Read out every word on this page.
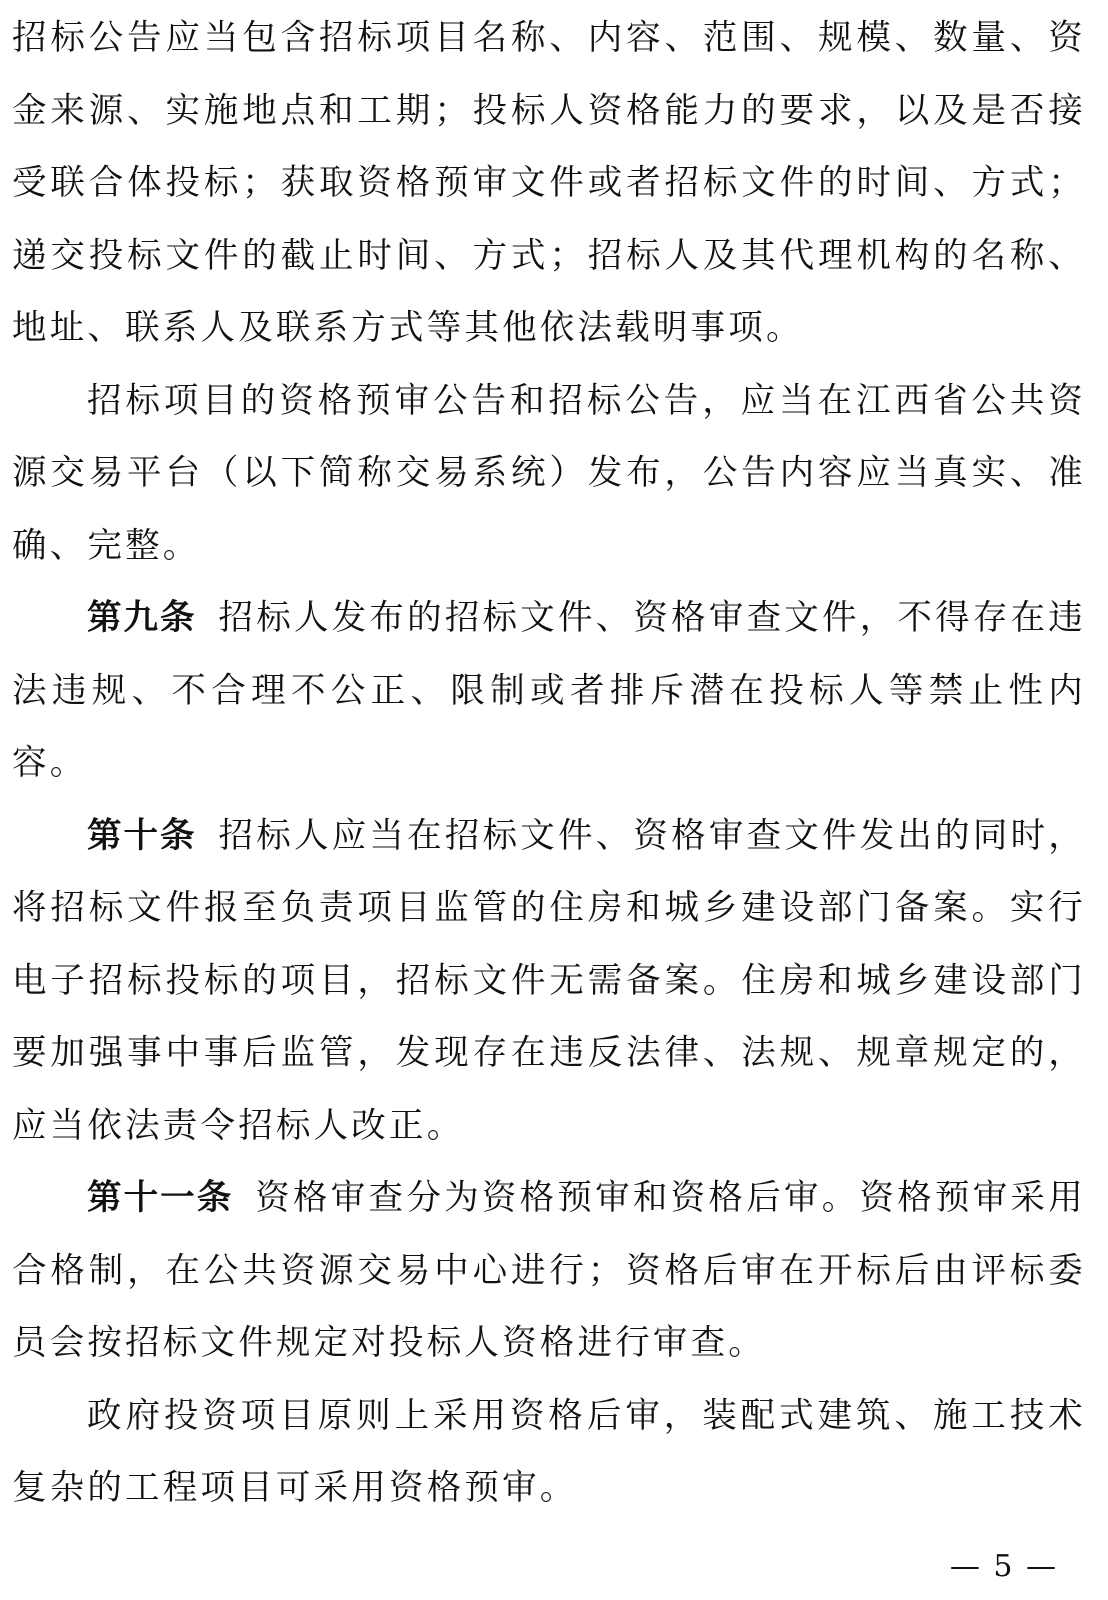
招标公告应当包含招标项目名称、内容、范围、规模、数量、资金来源、实施地点和工期；投标人资格能力的要求，以及是否接受联合体投标；获取资格预审文件或者招标文件的时间、方式；递交投标文件的截止时间、方式；招标人及其代理机构的名称、地址、联系人及联系方式等其他依法载明事项。

招标项目的资格预审公告和招标公告，应当在江西省公共资源交易平台（以下简称交易系统）发布，公告内容应当真实、准确、完整。

第九条 招标人发布的招标文件、资格审查文件，不得存在违法违规、不合理不公正、限制或者排斥潜在投标人等禁止性内容。

第十条 招标人应当在招标文件、资格审查文件发出的同时，将招标文件报至负责项目监管的住房和城乡建设部门备案。实行电子招标投标的项目，招标文件无需备案。住房和城乡建设部门要加强事中事后监管，发现存在违反法律、法规、规章规定的，应当依法责令招标人改正。

第十一条 资格审查分为资格预审和资格后审。资格预审采用合格制，在公共资源交易中心进行；资格后审在开标后由评标委员会按招标文件规定对投标人资格进行审查。

政府投资项目原则上采用资格后审，装配式建筑、施工技术复杂的工程项目可采用资格预审。

— 5 —
